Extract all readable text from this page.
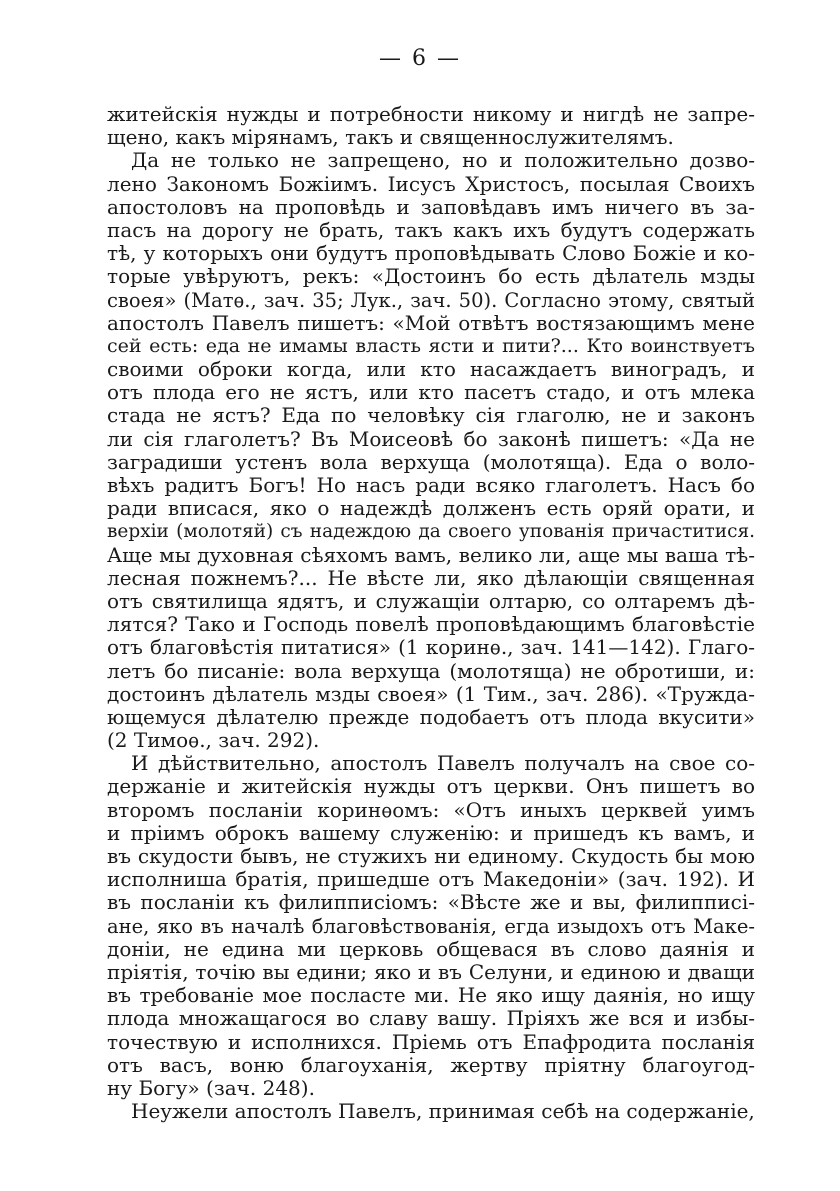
— 6 —
житейскія нужды и потребности никому и нигдѣ не запре-
щено, какъ мірянамъ, такъ и священнослужителямъ.
Да не только не запрещено, но и положительно дозво-
лено Закономъ Божіимъ. Іисусъ Христосъ, посылая Своихъ
апостоловъ на проповѣдь и заповѣдавъ имъ ничего въ за-
пасъ на дорогу не брать, такъ какъ ихъ будутъ содержать
тѣ, у которыхъ они будутъ проповѣдывать Слово Божіе и ко-
торые увѣруютъ, рекъ: «Достоинъ бо есть дѣлатель мзды
своея» (Матѳ., зач. 35; Лук., зач. 50). Согласно этому, святый
апостолъ Павелъ пишетъ: «Мой отвѣтъ востязающимъ мене
сей есть: еда не имамы власть ясти и пити?... Кто воинствуетъ
своими оброки когда, или кто насаждаетъ виноградъ, и
отъ плода его не ястъ, или кто пасетъ стадо, и отъ млека
стада не ястъ? Еда по человѣку сія глаголю, не и законъ
ли сія глаголетъ? Въ Моисеовѣ бо законѣ пишетъ: «Да не
заградиши устенъ вола верхуща (молотяща). Еда о воло-
вѣхъ радитъ Богъ! Но насъ ради всяко глаголетъ. Насъ бо
ради вписася, яко о надеждѣ долженъ есть оряй орати, и
верхіи (молотяй) съ надеждою да своего упованія причаститися.
Аще мы духовная сѣяхомъ вамъ, велико ли, аще мы ваша тѣ-
лесная пожнемъ?... Не вѣсте ли, яко дѣлающіи священная
отъ святилища ядятъ, и служащіи олтарю, со олтаремъ дѣ-
лятся? Тако и Господь повелѣ проповѣдающимъ благовѣстіе
отъ благовѣстія питатися» (1 коринѳ., зач. 141—142). Глаго-
летъ бо писаніе: вола верхуща (молотяща) не обротиши, и:
достоинъ дѣлатель мзды своея» (1 Тим., зач. 286). «Тружда-
ющемуся дѣлателю прежде подобаетъ отъ плода вкусити»
(2 Тимоѳ., зач. 292).
И дѣйствительно, апостолъ Павелъ получалъ на свое со-
держаніе и житейскія нужды отъ церкви. Онъ пишетъ во
второмъ посланіи коринѳомъ: «Отъ иныхъ церквей уимъ
и пріимъ оброкъ вашему служенію: и пришедъ къ вамъ, и
въ скудости бывъ, не стужихъ ни единому. Скудость бы мою
исполниша братія, пришедше отъ Македоніи» (зач. 192). И
въ посланіи къ филипписіомъ: «Вѣсте же и вы, филипписі-
ане, яко въ началѣ благовѣствованія, егда изыдохъ отъ Маке-
доніи, не едина ми церковь общевася въ слово даянія и
пріятія, точію вы едини; яко и въ Селуни, и единою и дващи
въ требованіе мое посласте ми. Не яко ищу даянія, но ищу
плода множащагося во славу вашу. Пріяхъ же вся и избы-
точествую и исполнихся. Пріемь отъ Епафродита посланія
отъ васъ, воню благоуханія, жертву пріятну благоугод-
ну Богу» (зач. 248).
Неужели апостолъ Павелъ, принимая себѣ на содержаніе,
